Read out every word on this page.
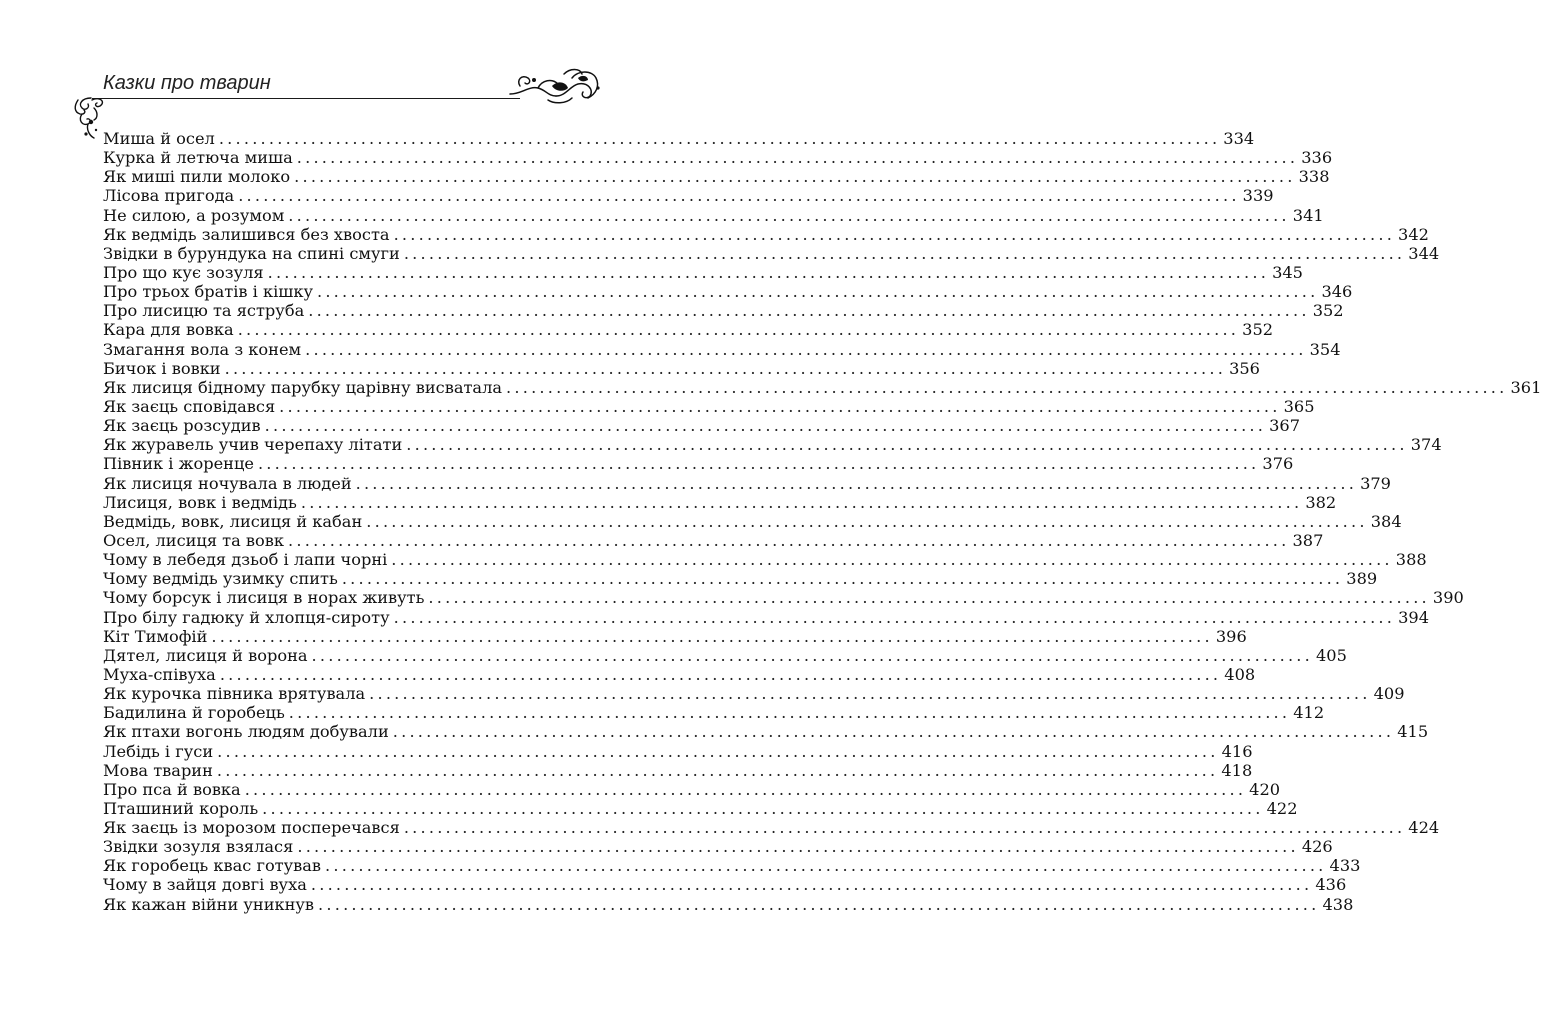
Казки про тварин
Миша й осел ........................................................................................................................ 334
Курка й летюча миша ........................................................................................................................ 336
Як миші пили молоко ........................................................................................................................ 338
Лісова пригода ........................................................................................................................ 339
Не силою, а розумом ........................................................................................................................ 341
Як ведмідь залишився без хвоста ........................................................................................................................ 342
Звідки в бурундука на спині смуги ........................................................................................................................ 344
Про що кує зозуля ........................................................................................................................ 345
Про трьох братів і кішку ........................................................................................................................ 346
Про лисицю та яструба ........................................................................................................................ 352
Кара для вовка ........................................................................................................................ 352
Змагання вола з конем ........................................................................................................................ 354
Бичок і вовки ........................................................................................................................ 356
Як лисиця бідному парубку царівну висватала ........................................................................................................................ 361
Як заєць сповідався ........................................................................................................................ 365
Як заєць розсудив ........................................................................................................................ 367
Як журавель учив черепаху літати ........................................................................................................................ 374
Півник і жоренце ........................................................................................................................ 376
Як лисиця ночувала в людей ........................................................................................................................ 379
Лисиця, вовк і ведмідь ........................................................................................................................ 382
Ведмідь, вовк, лисиця й кабан ........................................................................................................................ 384
Осел, лисиця та вовк ........................................................................................................................ 387
Чому в лебедя дзьоб і лапи чорні ........................................................................................................................ 388
Чому ведмідь узимку спить ........................................................................................................................ 389
Чому борсук і лисиця в норах живуть ........................................................................................................................ 390
Про білу гадюку й хлопця-сироту ........................................................................................................................ 394
Кіт Тимофій ........................................................................................................................ 396
Дятел, лисиця й ворона ........................................................................................................................ 405
Муха-співуха ........................................................................................................................ 408
Як курочка півника врятувала ........................................................................................................................ 409
Бадилина й горобець ........................................................................................................................ 412
Як птахи вогонь людям добували ........................................................................................................................ 415
Лебідь і гуси ........................................................................................................................ 416
Мова тварин ........................................................................................................................ 418
Про пса й вовка ........................................................................................................................ 420
Пташиний король ........................................................................................................................ 422
Як заєць із морозом посперечався ........................................................................................................................ 424
Звідки зозуля взялася ........................................................................................................................ 426
Як горобець квас готував ........................................................................................................................ 433
Чому в зайця довгі вуха ........................................................................................................................ 436
Як кажан війни уникнув ........................................................................................................................ 438
